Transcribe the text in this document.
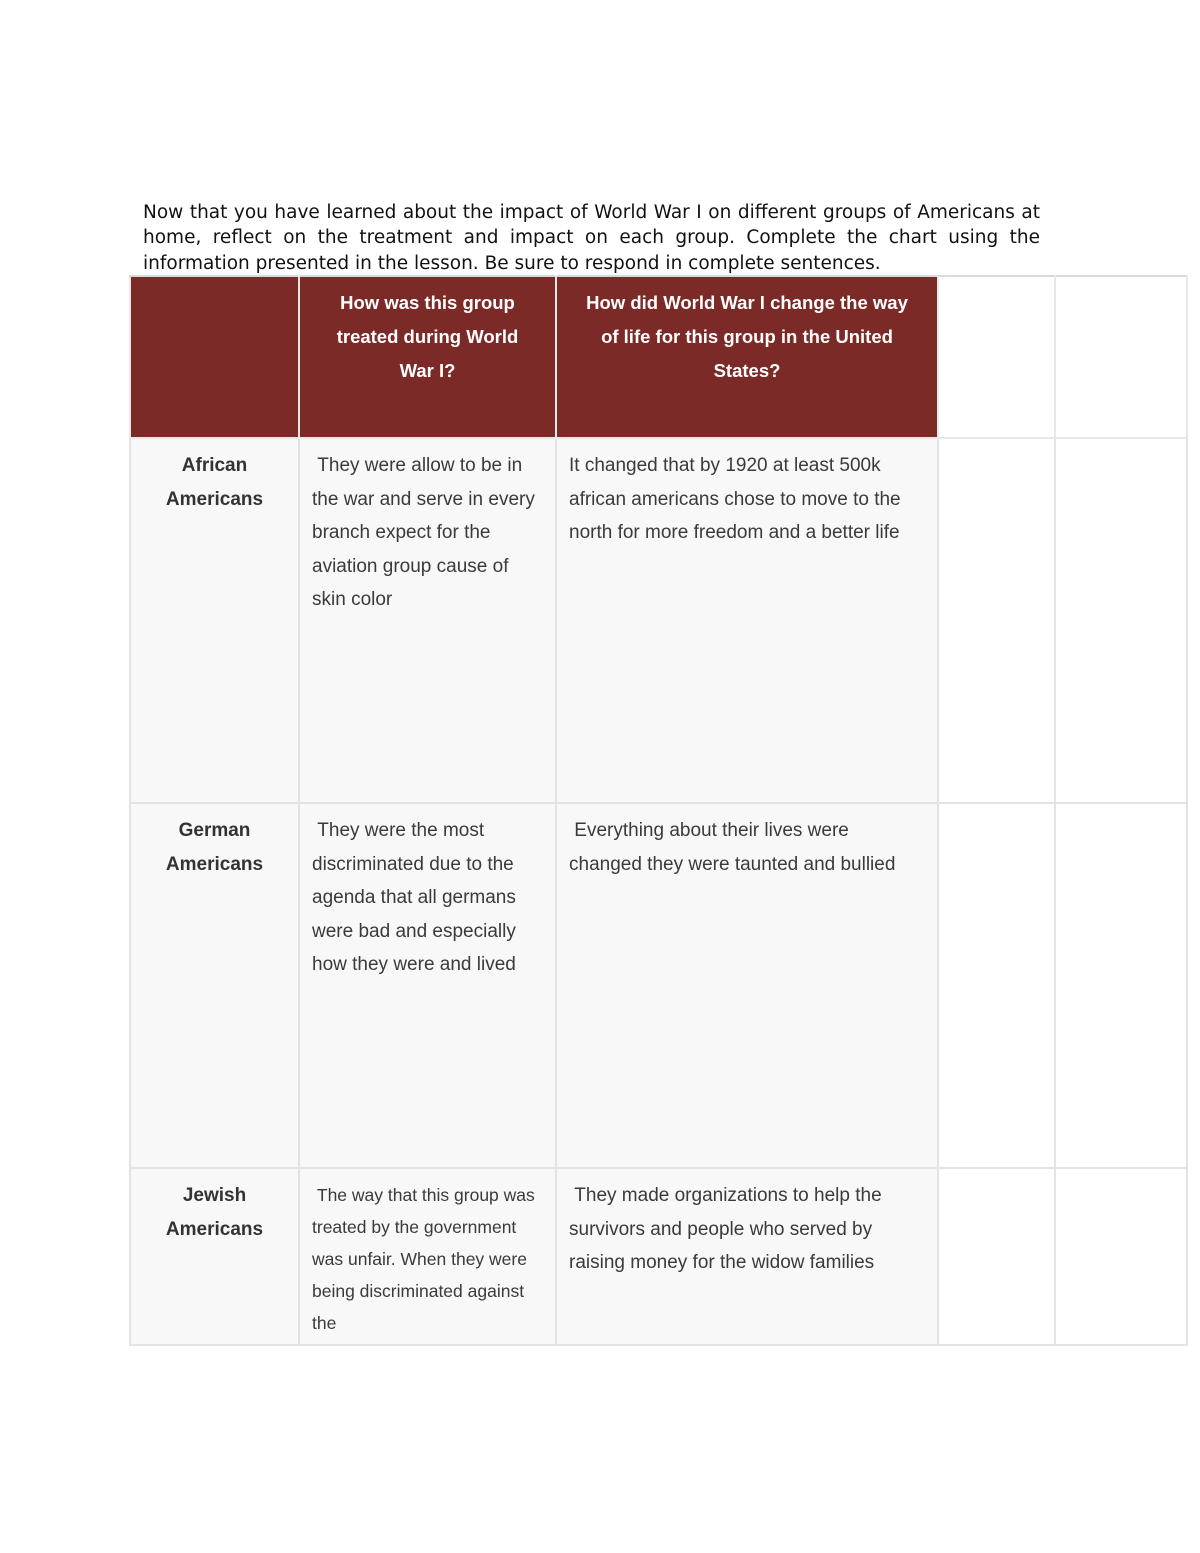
Now that you have learned about the impact of World War I on different groups of Americans at home, reflect on the treatment and impact on each group. Complete the chart using the information presented in the lesson. Be sure to respond in complete sentences.

	How was this group treated during World War I?	How did World War I change the way of life for this group in the United States?		

African Americans	They were allow to be in the war and serve in every branch expect for the aviation group cause of skin color	It changed that by 1920 at least 500k african americans chose to move to the north for more freedom and a better life		

German Americans	They were the most discriminated due to the agenda that all germans were bad and especially how they were and lived	Everything about their lives were changed they were taunted and bullied		

Jewish Americans	The way that this group was treated by the government was unfair. When they were being discriminated against the	They made organizations to help the survivors and people who served by raising money for the widow families		
